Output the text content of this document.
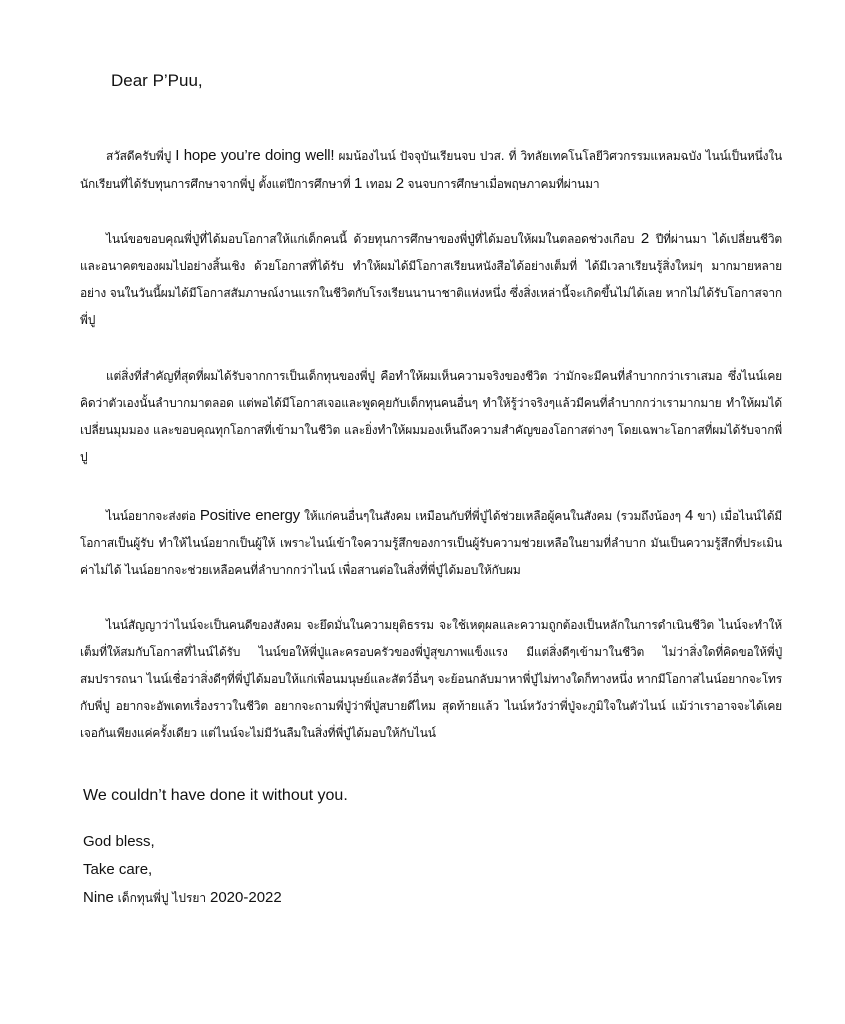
Dear P’Puu,

สวัสดีครับพี่ปู I hope you’re doing well! ผมน้องไนน์ ปัจจุบันเรียนจบ ปวส. ที่ วิทลัยเทคโนโลยีวิศวกรรมแหลมฉบัง ไนน์เป็นหนึ่งในนักเรียนที่ได้รับทุนการศึกษาจากพี่ปู ตั้งแต่ปีการศึกษาที่ 1 เทอม 2 จนจบการศึกษาเมื่อพฤษภาคมที่ผ่านมา

ไนน์ขอขอบคุณพี่ปู่ที่ได้มอบโอกาสให้แก่เด็กคนนี้ ด้วยทุนการศึกษาของพี่ปู่ที่ได้มอบให้ผมในตลอดช่วงเกือบ 2 ปีที่ผ่านมา ได้เปลี่ยนชีวิตและอนาคตของผมไปอย่างสิ้นเชิง ด้วยโอกาสที่ได้รับ ทำให้ผมได้มีโอกาสเรียนหนังสือได้อย่างเต็มที่ ได้มีเวลาเรียนรู้สิ่งใหม่ๆ มากมายหลายอย่าง จนในวันนี้ผมได้มีโอกาสสัมภาษณ์งานแรกในชีวิตกับโรงเรียนนานาชาติแห่งหนึ่ง ซึ่งสิ่งเหล่านี้จะเกิดขึ้นไม่ได้เลย หากไม่ได้รับโอกาสจากพี่ปู

แต่สิ่งที่สำคัญที่สุดที่ผมได้รับจากการเป็นเด็กทุนของพี่ปู คือทำให้ผมเห็นความจริงของชีวิต ว่ามักจะมีคนที่ลำบากกว่าเราเสมอ ซึ่งไนน์เคยคิดว่าตัวเองนั้นลำบากมาตลอด แต่พอได้มีโอกาสเจอและพูดคุยกับเด็กทุนคนอื่นๆ ทำให้รู้ว่าจริงๆแล้วมีคนที่ลำบากกว่าเรามากมาย ทำให้ผมได้เปลี่ยนมุมมอง และขอบคุณทุกโอกาสที่เข้ามาในชีวิต และยิ่งทำให้ผมมองเห็นถึงความสำคัญของโอกาสต่างๆ โดยเฉพาะโอกาสที่ผมได้รับจากพี่ปู

ไนน์อยากจะส่งต่อ Positive energy ให้แก่คนอื่นๆในสังคม เหมือนกับที่พี่ปู่ได้ช่วยเหลือผู้คนในสังคม (รวมถึงน้องๆ 4 ขา) เมื่อไนน์ได้มีโอกาสเป็นผู้รับ ทำให้ไนน์อยากเป็นผู้ให้ เพราะไนน์เข้าใจความรู้สึกของการเป็นผู้รับความช่วยเหลือในยามที่ลำบาก มันเป็นความรู้สึกที่ประเมินค่าไม่ได้ ไนน์อยากจะช่วยเหลือคนที่ลำบากกว่าไนน์ เพื่อสานต่อในสิ่งที่พี่ปู่ได้มอบให้กับผม

ไนน์สัญญาว่าไนน์จะเป็นคนดีของสังคม จะยึดมั่นในความยุติธรรม จะใช้เหตุผลและความถูกต้องเป็นหลักในการดำเนินชีวิต ไนน์จะทำให้เต็มที่ให้สมกับโอกาสที่ไนน์ได้รับ ไนน์ขอให้พี่ปู่และครอบครัวของพี่ปู่สุขภาพแข็งแรง มีแต่สิ่งดีๆเข้ามาในชีวิต ไม่ว่าสิ่งใดที่คิดขอให้พี่ปู่สมปรารถนา ไนน์เชื่อว่าสิ่งดีๆที่พี่ปู่ได้มอบให้แก่เพื่อนมนุษย์และสัตว์อื่นๆ จะย้อนกลับมาหาพี่ปู่ไม่ทางใดก็ทางหนึ่ง หากมีโอกาสไนน์อยากจะโทรกับพี่ปู อยากจะอัพเดทเรื่องราวในชีวิต อยากจะถามพี่ปู่ว่าพี่ปู่สบายดีไหม สุดท้ายแล้ว ไนน์หวังว่าพี่ปู่จะภูมิใจในตัวไนน์ แม้ว่าเราอาจจะได้เคยเจอกันเพียงแค่ครั้งเดียว แต่ไนน์จะไม่มีวันลืมในสิ่งที่พี่ปู่ได้มอบให้กับไนน์

We couldn’t have done it without you.
God bless,
Take care,
Nine เด็กทุนพี่ปู ไปรยา 2020-2022
